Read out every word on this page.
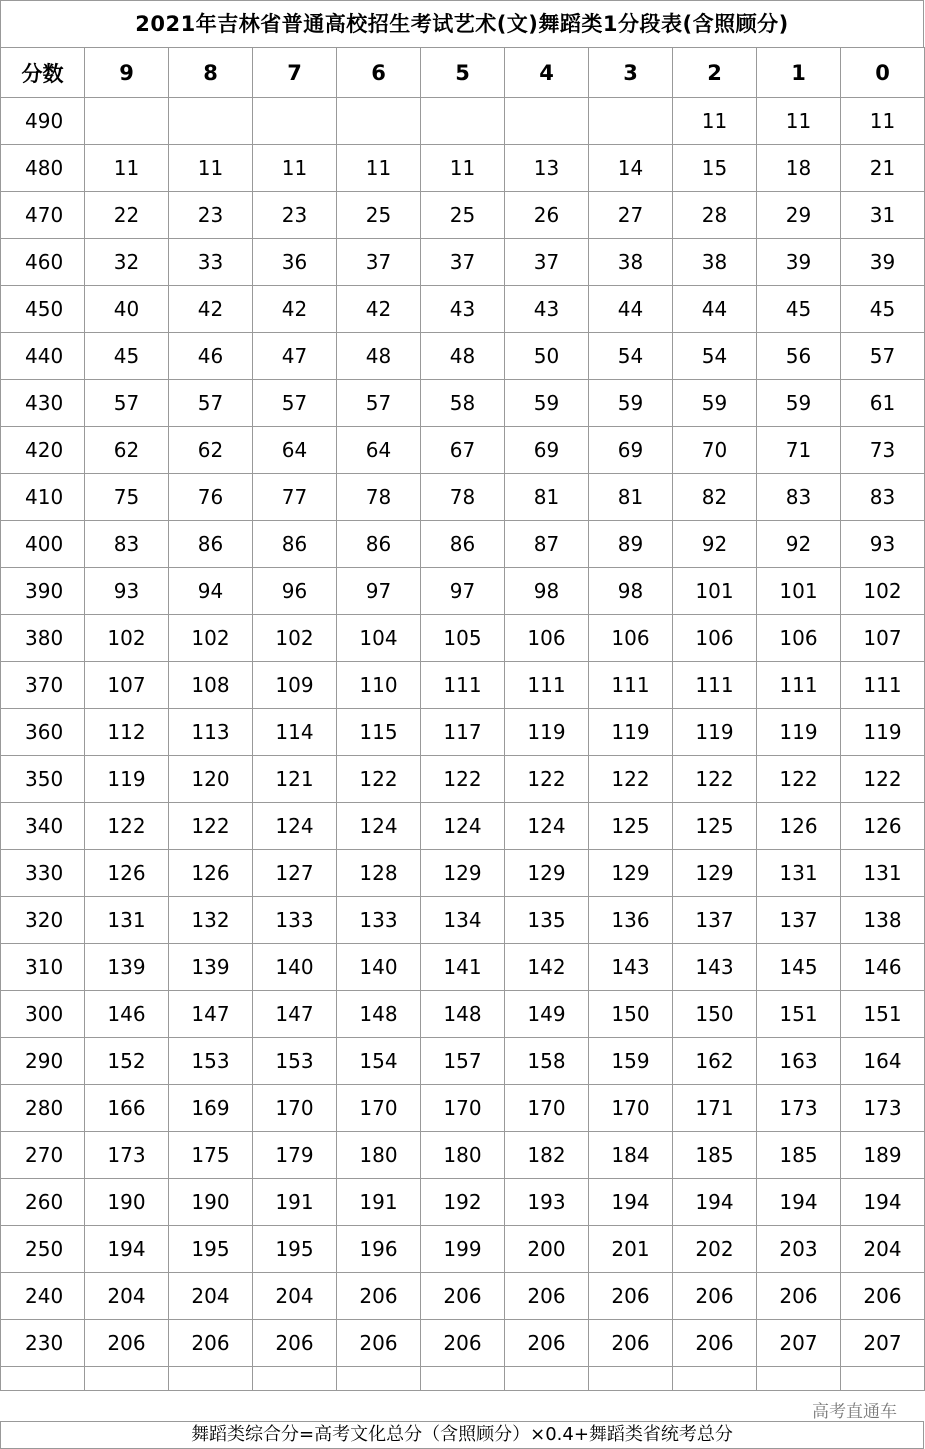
2021年吉林省普通高校招生考试艺术(文)舞蹈类1分段表(含照顾分)
分数	9	8	7	6	5	4	3	2	1	0
490								11	11	11
480	11	11	11	11	11	13	14	15	18	21
470	22	23	23	25	25	26	27	28	29	31
460	32	33	36	37	37	37	38	38	39	39
450	40	42	42	42	43	43	44	44	45	45
440	45	46	47	48	48	50	54	54	56	57
430	57	57	57	57	58	59	59	59	59	61
420	62	62	64	64	67	69	69	70	71	73
410	75	76	77	78	78	81	81	82	83	83
400	83	86	86	86	86	87	89	92	92	93
390	93	94	96	97	97	98	98	101	101	102
380	102	102	102	104	105	106	106	106	106	107
370	107	108	109	110	111	111	111	111	111	111
360	112	113	114	115	117	119	119	119	119	119
350	119	120	121	122	122	122	122	122	122	122
340	122	122	124	124	124	124	125	125	126	126
330	126	126	127	128	129	129	129	129	131	131
320	131	132	133	133	134	135	136	137	137	138
310	139	139	140	140	141	142	143	143	145	146
300	146	147	147	148	148	149	150	150	151	151
290	152	153	153	154	157	158	159	162	163	164
280	166	169	170	170	170	170	170	171	173	173
270	173	175	179	180	180	182	184	185	185	189
260	190	190	191	191	192	193	194	194	194	194
250	194	195	195	196	199	200	201	202	203	204
240	204	204	204	206	206	206	206	206	206	206
230	206	206	206	206	206	206	206	206	207	207

高考直通车
舞蹈类综合分=高考文化总分（含照顾分）×0.4+舞蹈类省统考总分
